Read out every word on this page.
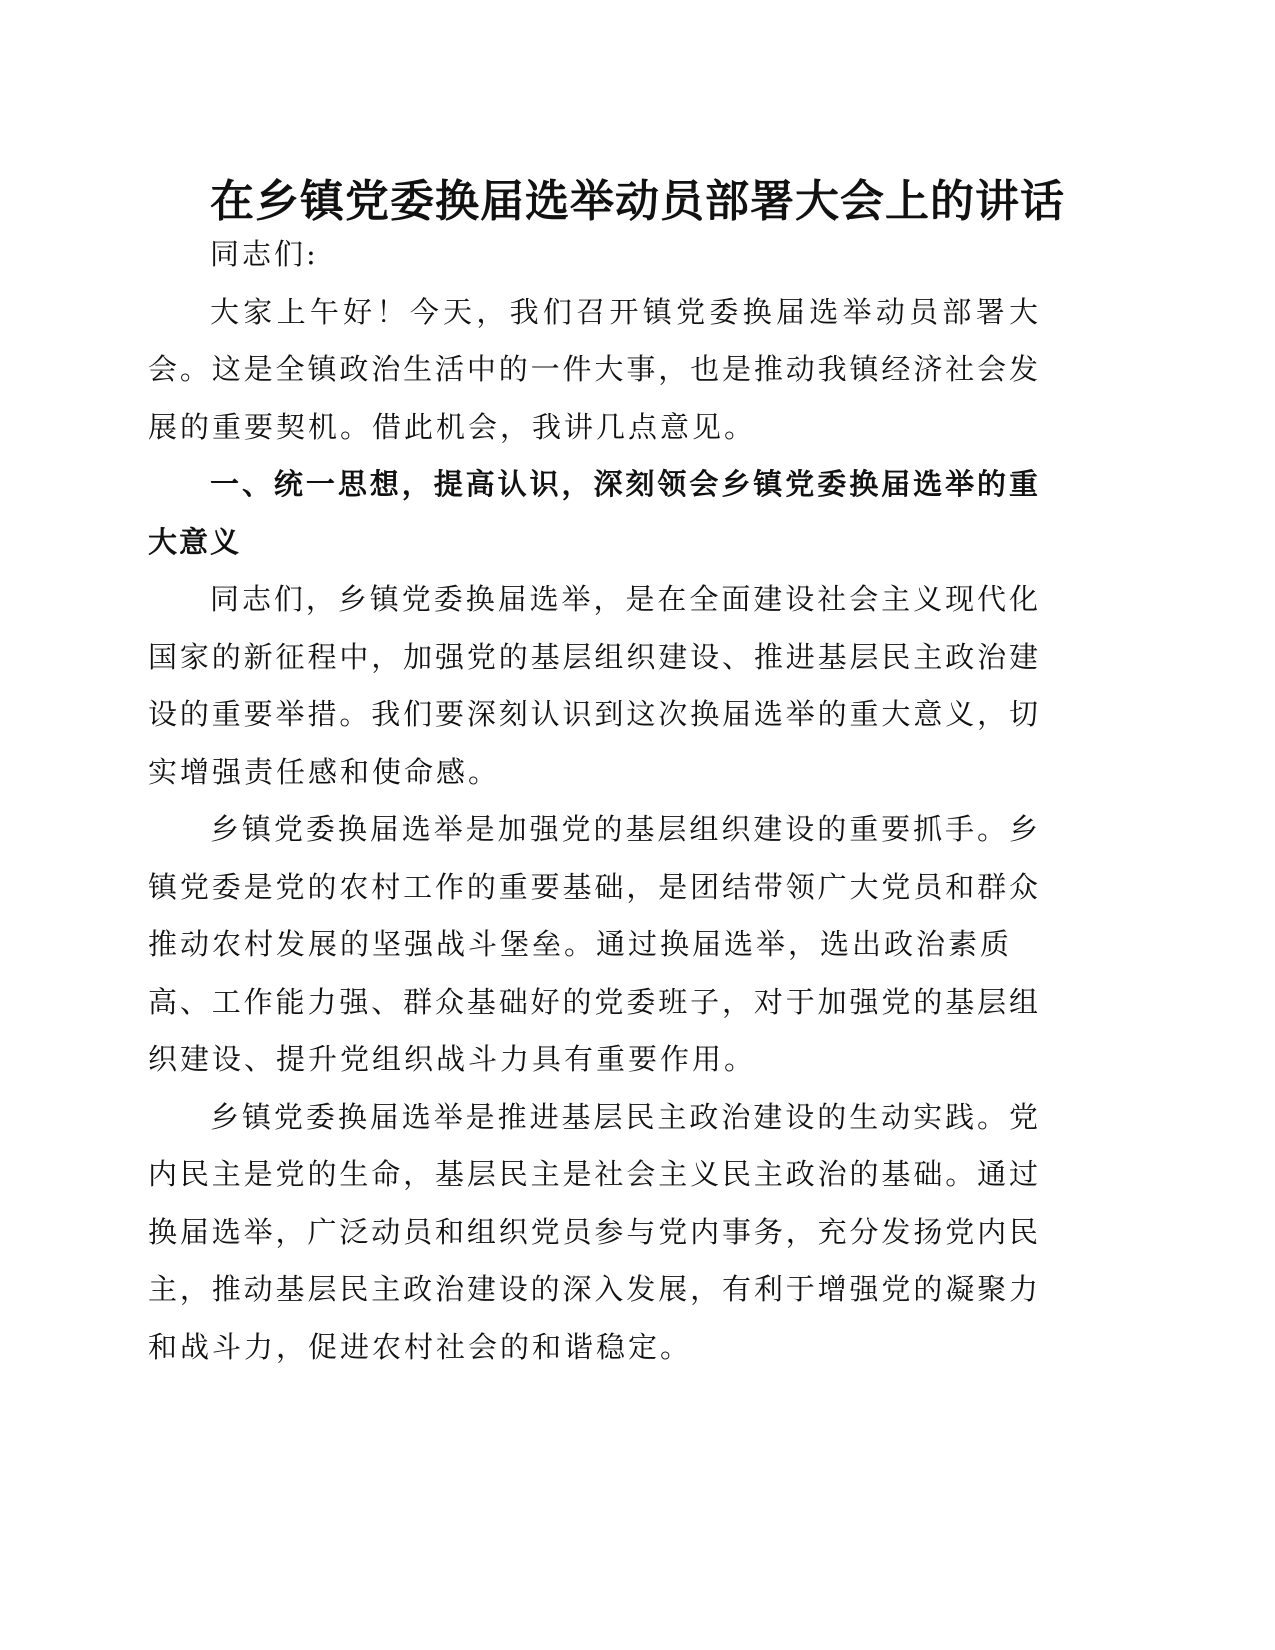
在乡镇党委换届选举动员部署大会上的讲话
同志们:
大家上午好！今天，我们召开镇党委换届选举动员部署大
会。这是全镇政治生活中的一件大事，也是推动我镇经济社会发
展的重要契机。借此机会，我讲几点意见。
一、统一思想，提高认识，深刻领会乡镇党委换届选举的重
大意义
同志们，乡镇党委换届选举，是在全面建设社会主义现代化
国家的新征程中，加强党的基层组织建设、推进基层民主政治建
设的重要举措。我们要深刻认识到这次换届选举的重大意义，切
实增强责任感和使命感。
乡镇党委换届选举是加强党的基层组织建设的重要抓手。乡
镇党委是党的农村工作的重要基础，是团结带领广大党员和群众
推动农村发展的坚强战斗堡垒。通过换届选举，选出政治素质
高、工作能力强、群众基础好的党委班子，对于加强党的基层组
织建设、提升党组织战斗力具有重要作用。
乡镇党委换届选举是推进基层民主政治建设的生动实践。党
内民主是党的生命，基层民主是社会主义民主政治的基础。通过
换届选举，广泛动员和组织党员参与党内事务，充分发扬党内民
主，推动基层民主政治建设的深入发展，有利于增强党的凝聚力
和战斗力，促进农村社会的和谐稳定。
